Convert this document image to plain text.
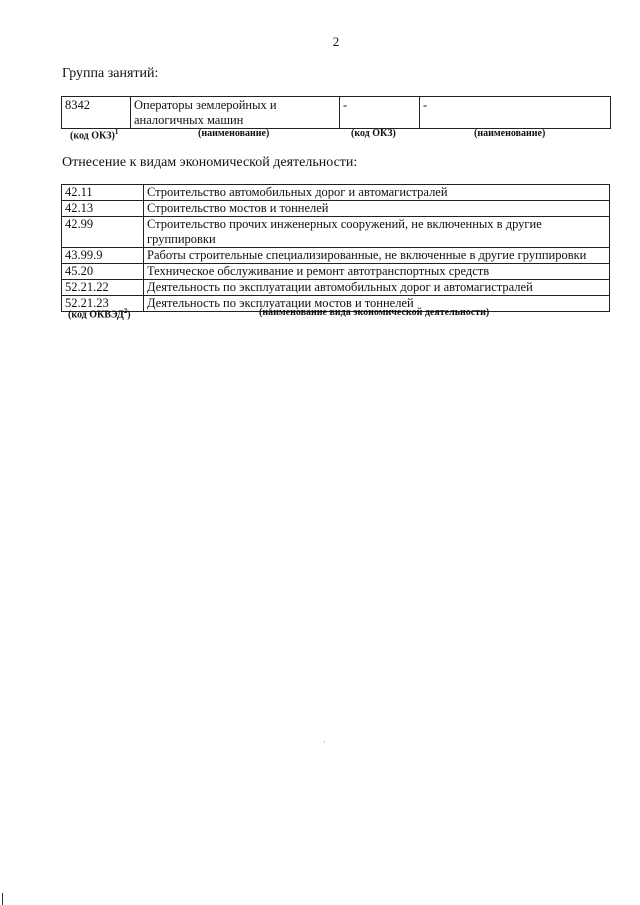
2
Группа занятий:
8342	Операторы землеройных и аналогичных машин	-	-
(код ОКЗ)$^1$	(наименование)	(код ОКЗ)	(наименование)
Отнесение к видам экономической деятельности:
42.11	Строительство автомобильных дорог и автомагистралей
42.13	Строительство мостов и тоннелей
42.99	Строительство прочих инженерных сооружений, не включенных в другие группировки
43.99.9	Работы строительные специализированные, не включенные в другие группировки
45.20	Техническое обслуживание и ремонт автотранспортных средств
52.21.22	Деятельность по эксплуатации автомобильных дорог и автомагистралей
52.21.23	Деятельность по эксплуатации мостов и тоннелей
(код ОКВЭД$^2$)	(наименование вида экономической деятельности)
·
